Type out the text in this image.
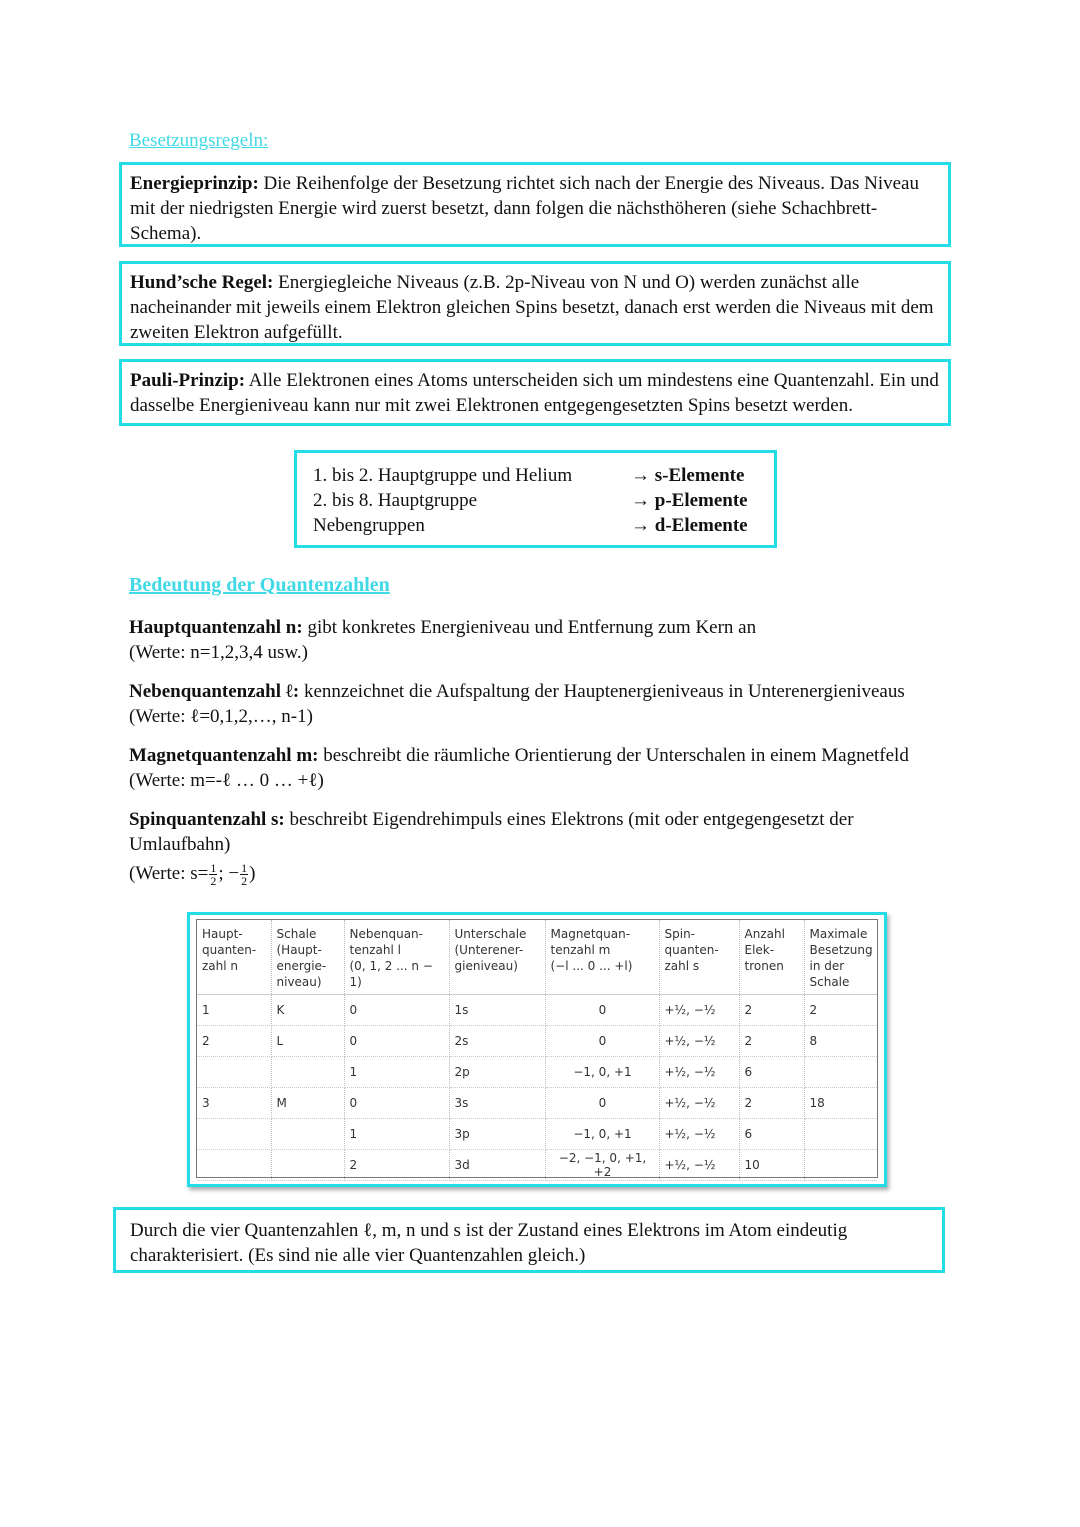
Besetzungsregeln:
Energieprinzip: Die Reihenfolge der Besetzung richtet sich nach der Energie des Niveaus. Das Niveau mit der niedrigsten Energie wird zuerst besetzt, dann folgen die nächsthöheren (siehe Schachbrett-Schema).
Hund’sche Regel: Energiegleiche Niveaus (z.B. 2p-Niveau von N und O) werden zunächst alle nacheinander mit jeweils einem Elektron gleichen Spins besetzt, danach erst werden die Niveaus mit dem zweiten Elektron aufgefüllt.
Pauli-Prinzip: Alle Elektronen eines Atoms unterscheiden sich um mindestens eine Quantenzahl. Ein und dasselbe Energieniveau kann nur mit zwei Elektronen entgegengesetzten Spins besetzt werden.
1. bis 2. Hauptgruppe und Helium	→ s-Elemente
2. bis 8. Hauptgruppe	→ p-Elemente
Nebengruppen	→ d-Elemente
Bedeutung der Quantenzahlen
Hauptquantenzahl n: gibt konkretes Energieniveau und Entfernung zum Kern an
(Werte: n=1,2,3,4 usw.)
Nebenquantenzahl ℓ: kennzeichnet die Aufspaltung der Hauptenergieniveaus in Unterenergieniveaus
(Werte: ℓ=0,1,2,…, n-1)
Magnetquantenzahl m: beschreibt die räumliche Orientierung der Unterschalen in einem Magnetfeld
(Werte: m=-ℓ … 0 … +ℓ)
Spinquantenzahl s: beschreibt Eigendrehimpuls eines Elektrons (mit oder entgegengesetzt der Umlaufbahn)

(Werte: $s= \frac{1}{2}$ ; − $\frac{1}{2}$ )
Haupt-
quanten-
zahl n	Schale
(Haupt-
energie-
niveau)	Nebenquan-
tenzahl l
(0, 1, 2 ... n − 1)	Unterschale
(Unterener-
gieniveau)	Magnetquan-
tenzahl m
(−l ... 0 ... +l)	Spin-
quanten-
zahl s	Anzahl
Elek-
tronen	Maximale
Besetzung
in der
Schale
1	K	0	1s	0	+½, −½	2	2
2	L	0	2s	0	+½, −½	2	8
		1	2p	−1, 0, +1	+½, −½	6	
3	M	0	3s	0	+½, −½	2	18
		1	3p	−1, 0, +1	+½, −½	6	
		2	3d	−2, −1, 0, +1, +2	+½, −½	10	
Durch die vier Quantenzahlen ℓ, m, n und s ist der Zustand eines Elektrons im Atom eindeutig charakterisiert. (Es sind nie alle vier Quantenzahlen gleich.)
